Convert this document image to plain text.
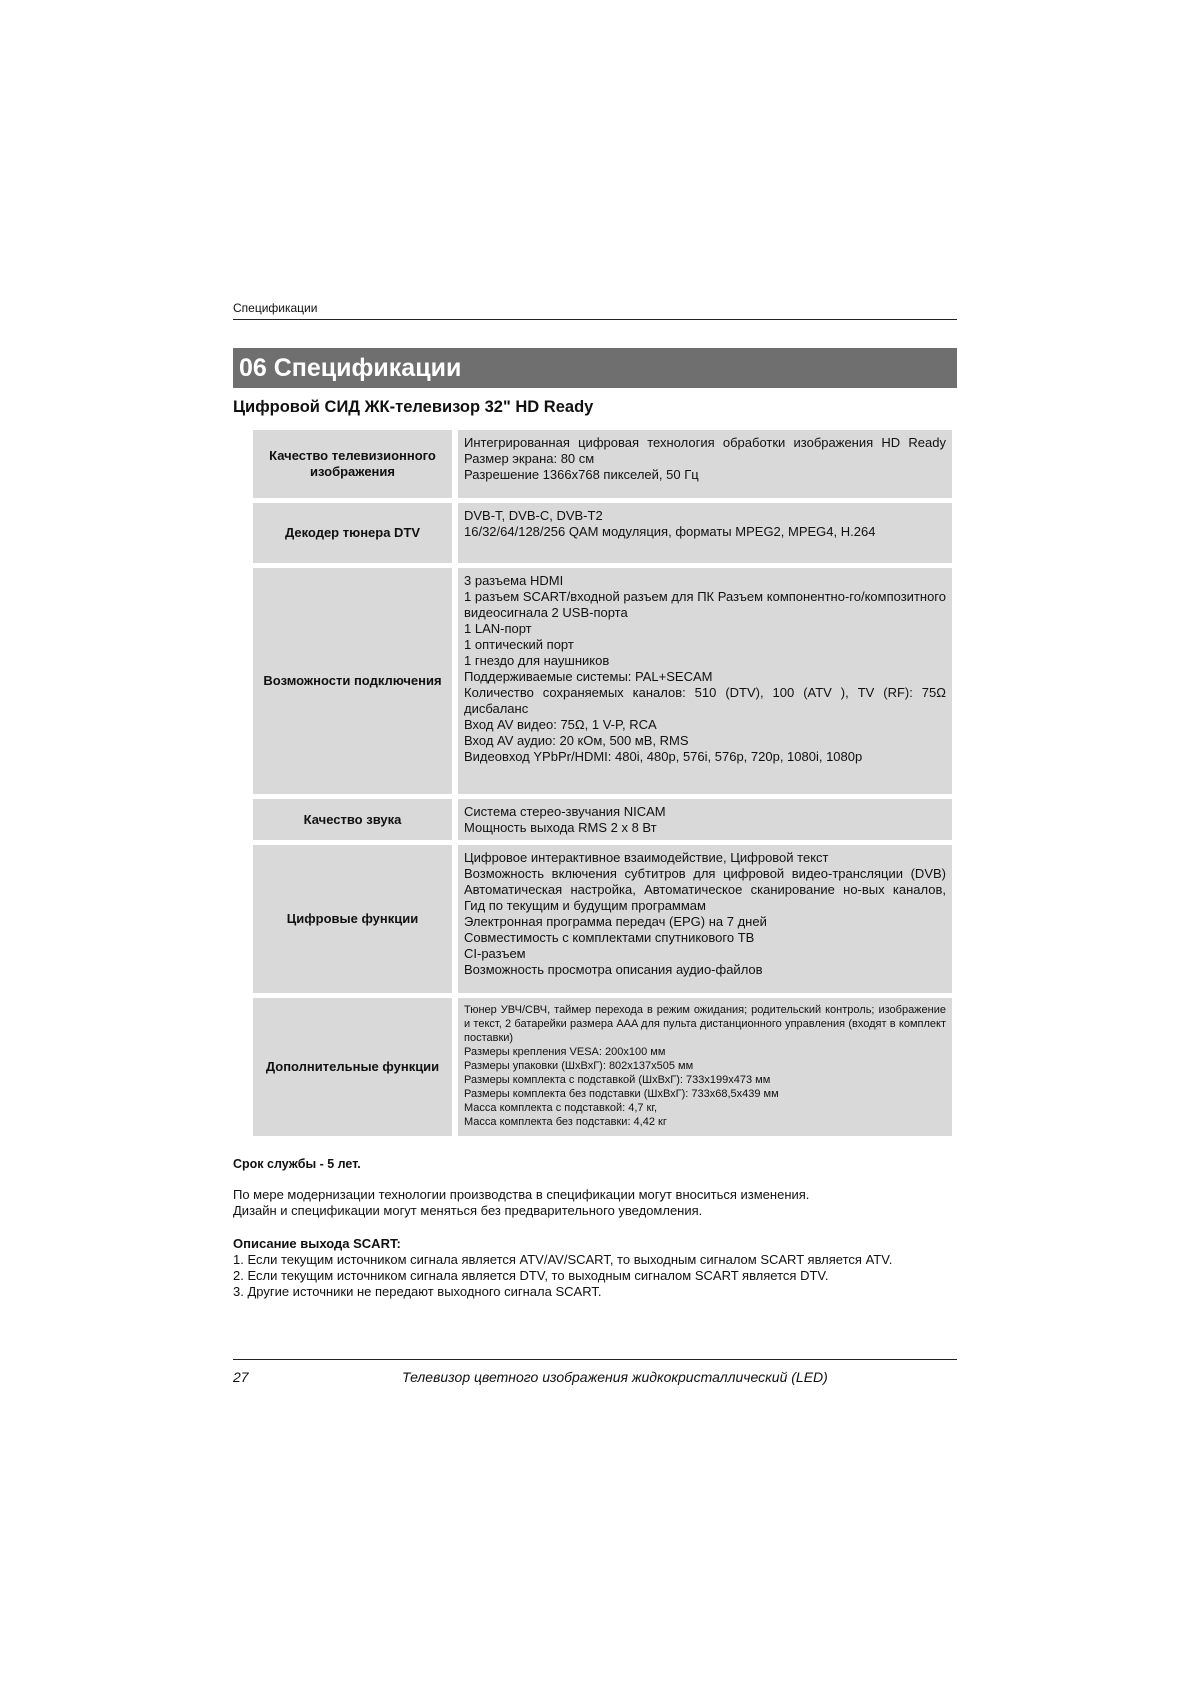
Спецификации
06 Спецификации
Цифровой СИД ЖК-телевизор 32" HD Ready
Качество телевизионного изображения
Интегрированная цифровая технология обработки изображения HD Ready Размер экрана: 80 см
Разрешение 1366x768 пикселей, 50 Гц
Декодер тюнера DTV
DVB-T, DVB-C, DVB-T2
16/32/64/128/256 QAM модуляция, форматы MPEG2, MPEG4, H.264
Возможности подключения
3 разъема HDMI
1 разъем SCART/входной разъем для ПК Разъем компонентно-го/композитного видеосигнала 2 USB-порта
1 LAN-порт
1 оптический порт
1 гнездо для наушников
Поддерживаемые системы: PAL+SECAM
Количество сохраняемых каналов: 510 (DTV), 100 (ATV ), TV (RF): 75Ω дисбаланс
Вход AV видео: 75Ω, 1 V-P, RCA
Вход AV аудио: 20 кОм, 500 мВ, RMS
Видеовход YPbPr/HDMI: 480i, 480p, 576i, 576p, 720p, 1080i, 1080p
Качество звука	Система стерео-звучания NICAM
Мощность выхода RMS 2 x 8 Вт
Цифровые функции
Цифровое интерактивное взаимодействие, Цифровой текст
Возможность включения субтитров для цифровой видео-трансляции (DVB) Автоматическая настройка, Автоматическое сканирование но-вых каналов, Гид по текущим и будущим программам
Электронная программа передач (EPG) на 7 дней
Совместимость с комплектами спутникового ТВ
CI-разъем
Возможность просмотра описания аудио-файлов
Дополнительные функции
Тюнер УВЧ/СВЧ, таймер перехода в режим ожидания; родительский контроль; изображение и текст, 2 батарейки размера AAA для пульта дистанционного управления (входят в комплект поставки)
Размеры крепления VESA: 200x100 мм
Размеры упаковки (ШхВхГ): 802x137x505 мм
Размеры комплекта с подставкой (ШхВхГ): 733x199x473 мм
Размеры комплекта без подставки (ШхВхГ): 733x68,5x439 мм
Масса комплекта с подставкой: 4,7 кг,
Масса комплекта без подставки: 4,42 кг
Срок службы - 5 лет.
По мере модернизации технологии производства в спецификации могут вноситься изменения.
Дизайн и спецификации могут меняться без предварительного уведомления.
Описание выхода SCART:
1. Если текущим источником сигнала является ATV/AV/SCART, то выходным сигналом SCART является ATV.
2. Если текущим источником сигнала является DTV, то выходным сигналом SCART является DTV.
3. Другие источники не передают выходного сигнала SCART.
27	Телевизор цветного изображения жидкокристаллический (LED)
